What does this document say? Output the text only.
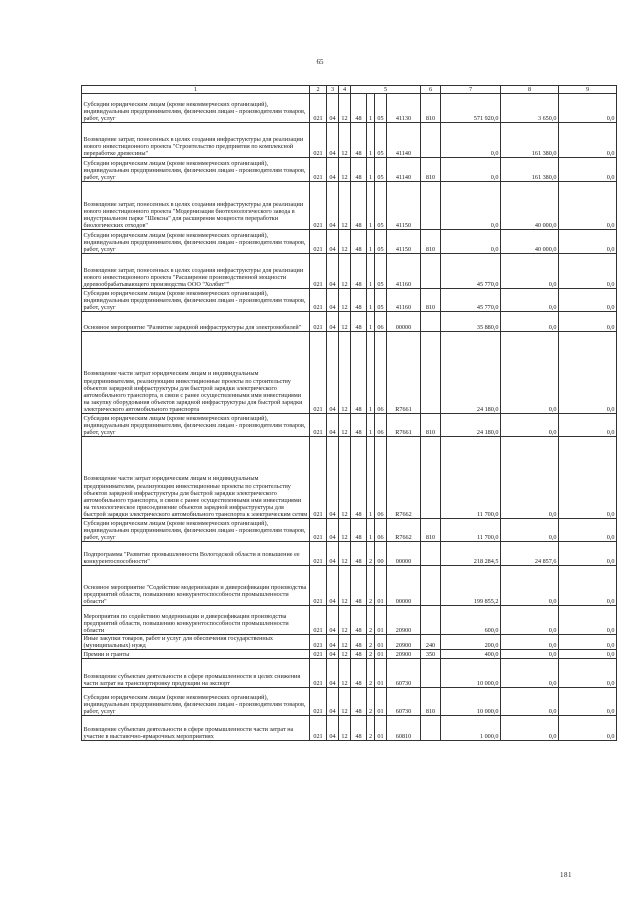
65
1	2	3	4	5				6	7	8	9
Субсидии юридическим лицам (кроме некоммерческих организаций), индивидуальным предпринимателям, физическим лицам - производителям товаров, работ, услуг	021	04	12	48	1	05	41130	810	571 920,0	3 650,0	0,0
Возмещение затрат, понесенных в целях создания инфраструктуры для реализации нового инвестиционного проекта "Строительство предприятия по комплексной переработке древесины"	021	04	12	48	1	05	41140		0,0	161 380,0	0,0
Субсидии юридическим лицам (кроме некоммерческих организаций), индивидуальным предпринимателям, физическим лицам - производителям товаров, работ, услуг	021	04	12	48	1	05	41140	810	0,0	161 380,0	0,0
Возмещение затрат, понесенных в целях создания инфраструктуры для реализации нового инвестиционного проекта "Модернизация биотехнологического завода в индустриальном парке "Шексна" для расширения мощности переработки биологических отходов"	021	04	12	48	1	05	41150		0,0	40 000,0	0,0
Субсидии юридическим лицам (кроме некоммерческих организаций), индивидуальным предпринимателям, физическим лицам - производителям товаров, работ, услуг	021	04	12	48	1	05	41150	810	0,0	40 000,0	0,0
Возмещение затрат, понесенных в целях создания инфраструктуры для реализации нового инвестиционного проекта "Расширение производственной мощности деревообрабатывающего производства ООО "Холбит""	021	04	12	48	1	05	41160		45 770,0	0,0	0,0
Субсидии юридическим лицам (кроме некоммерческих организаций), индивидуальным предпринимателям, физическим лицам - производителям товаров, работ, услуг	021	04	12	48	1	05	41160	810	45 770,0	0,0	0,0
Основное мероприятие "Развитие зарядной инфраструктуры для электромобилей"	021	04	12	48	1	06	00000		35 880,0	0,0	0,0
Возмещение части затрат юридическим лицам и индивидуальным предпринимателям, реализующим инвестиционные проекты по строительству объектов зарядной инфраструктуры для быстрой зарядки электрического автомобильного транспорта, в связи с ранее осуществленными ими инвестициями на закупку оборудования объектов зарядной инфраструктуры для быстрой зарядки электрического автомобильного транспорта	021	04	12	48	1	06	R7661		24 180,0	0,0	0,0
Субсидии юридическим лицам (кроме некоммерческих организаций), индивидуальным предпринимателям, физическим лицам - производителям товаров, работ, услуг	021	04	12	48	1	06	R7661	810	24 180,0	0,0	0,0
Возмещение части затрат юридическим лицам и индивидуальным предпринимателям, реализующим инвестиционные проекты по строительству объектов зарядной инфраструктуры для быстрой зарядки электрического автомобильного транспорта, в связи с ранее осуществленными ими инвестициями на технологическое присоединение объектов зарядной инфраструктуры для быстрой зарядки электрического автомобильного транспорта к электрическим сетям	021	04	12	48	1	06	R7662		11 700,0	0,0	0,0
Субсидии юридическим лицам (кроме некоммерческих организаций), индивидуальным предпринимателям, физическим лицам - производителям товаров, работ, услуг	021	04	12	48	1	06	R7662	810	11 700,0	0,0	0,0
Подпрограмма "Развитие промышленности Вологодской области и повышение ее конкурентоспособности"	021	04	12	48	2	00	00000		218 284,5	24 857,6	0,0
Основное мероприятие "Содействие модернизации и диверсификации производства предприятий области, повышению конкурентоспособности промышленности области"	021	04	12	48	2	01	00000		199 855,2	0,0	0,0
Мероприятия по содействию модернизации и диверсификации производства предприятий области, повышению конкурентоспособности промышленности области	021	04	12	48	2	01	20900		600,0	0,0	0,0
Иные закупки товаров, работ и услуг для обеспечения государственных (муниципальных) нужд	021	04	12	48	2	01	20900	240	200,0	0,0	0,0
Премии и гранты	021	04	12	48	2	01	20900	350	400,0	0,0	0,0
Возмещение субъектам деятельности в сфере промышленности в целях снижения части затрат на транспортировку продукции на экспорт	021	04	12	48	2	01	60730		10 000,0	0,0	0,0
Субсидии юридическим лицам (кроме некоммерческих организаций), индивидуальным предпринимателям, физическим лицам - производителям товаров, работ, услуг	021	04	12	48	2	01	60730	810	10 000,0	0,0	0,0
Возмещение субъектам деятельности в сфере промышленности части затрат на участие в выставочно-ярмарочных мероприятиях	021	04	12	48	2	01	60810		1 000,0	0,0	0,0
181
